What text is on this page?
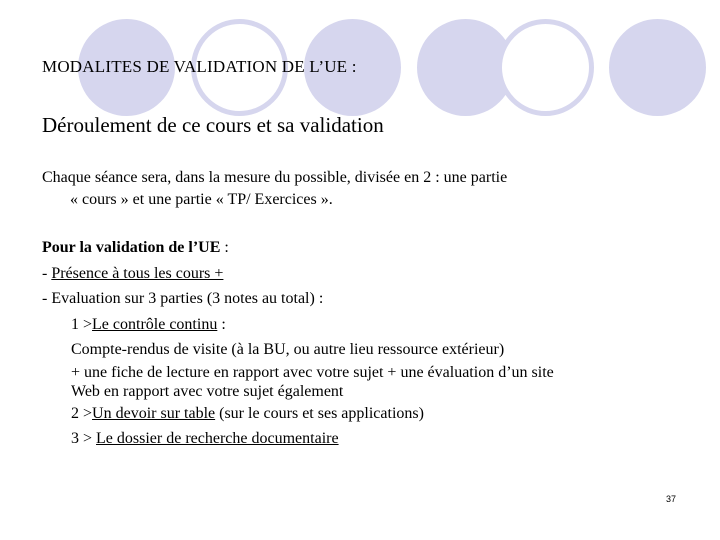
MODALITES DE VALIDATION DE L’UE :
Déroulement de ce cours et sa validation
Chaque séance sera, dans la mesure du possible, divisée en 2 : une partie
« cours » et une partie « TP/ Exercices ».
Pour la validation de l’UE :
- Présence à tous les cours +
- Evaluation sur 3 parties (3 notes au total) :
1 >Le contrôle continu :
Compte-rendus de visite (à la BU, ou autre lieu ressource extérieur)
+ une fiche de lecture en rapport avec votre sujet + une évaluation d’un site
Web en rapport avec votre sujet également
2 >Un devoir sur table (sur le cours et ses applications)
3 > Le dossier de recherche documentaire
37
